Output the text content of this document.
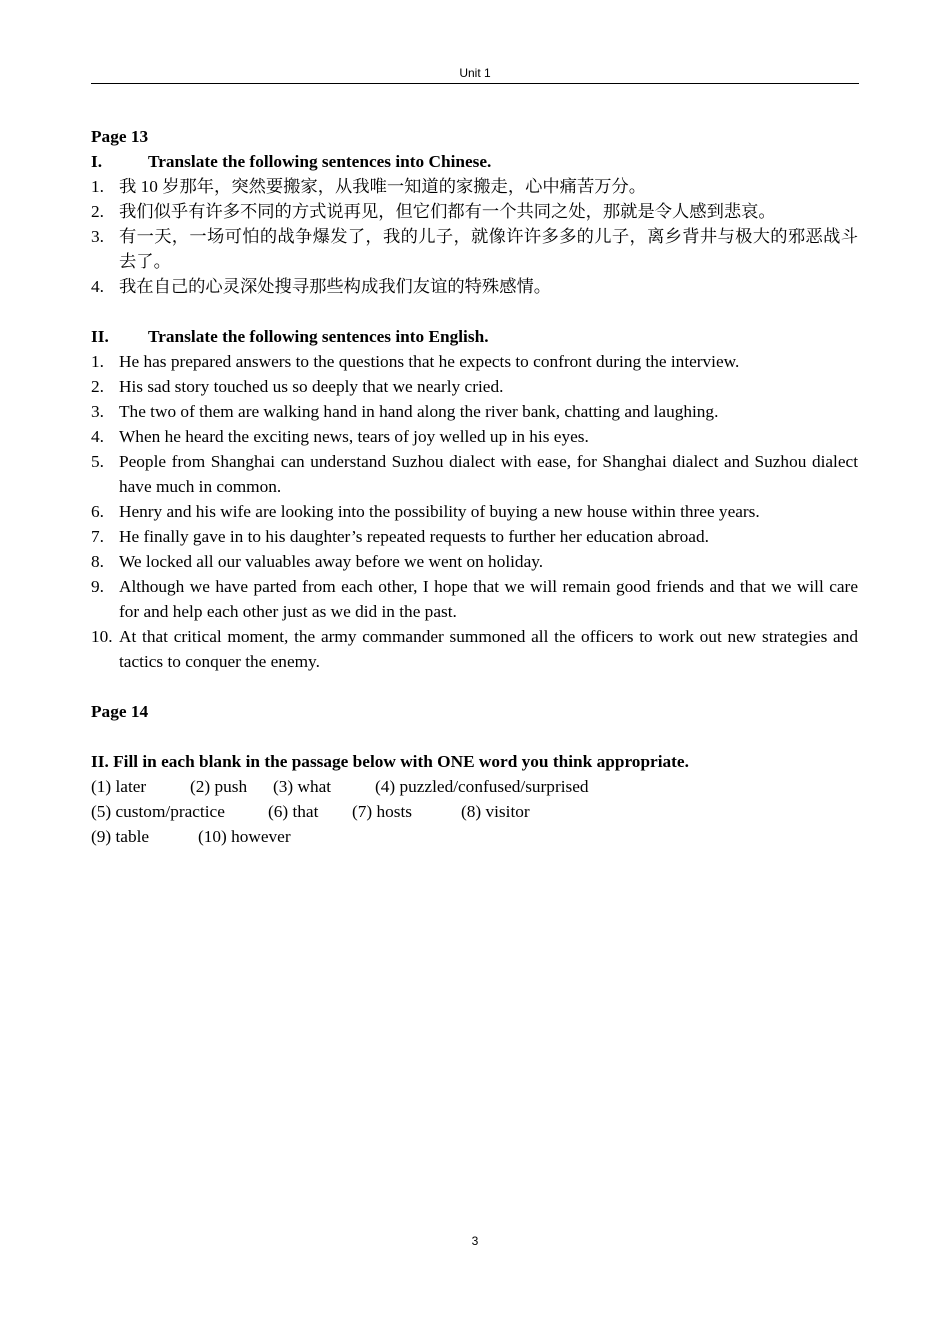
Unit 1

Page 13

I.	Translate the following sentences into Chinese.
1. 我 10 岁那年，突然要搬家，从我唯一知道的家搬走，心中痛苦万分。
2. 我们似乎有许多不同的方式说再见，但它们都有一个共同之处，那就是令人感到悲哀。
3. 有一天，一场可怕的战争爆发了，我的儿子，就像许许多多的儿子，离乡背井与极大的邪恶战斗去了。
4. 我在自己的心灵深处搜寻那些构成我们友谊的特殊感情。
II.	Translate the following sentences into English.
1. He has prepared answers to the questions that he expects to confront during the interview.
2. His sad story touched us so deeply that we nearly cried.
3. The two of them are walking hand in hand along the river bank, chatting and laughing.
4. When he heard the exciting news, tears of joy welled up in his eyes.
5. People from Shanghai can understand Suzhou dialect with ease, for Shanghai dialect and Suzhou dialect have much in common.
6. Henry and his wife are looking into the possibility of buying a new house within three years.
7. He finally gave in to his daughter’s repeated requests to further her education abroad.
8. We locked all our valuables away before we went on holiday.
9. Although we have parted from each other, I hope that we will remain good friends and that we will care for and help each other just as we did in the past.
10. At that critical moment, the army commander summoned all the officers to work out new strategies and tactics to conquer the enemy.

Page 14

II. Fill in each blank in the passage below with ONE word you think appropriate.

(1) later	(2) push (3) what	(4) puzzled/confused/surprised

(5) custom/practice (6) that (7) hosts	(8) visitor

(9) table	(10) however

3
